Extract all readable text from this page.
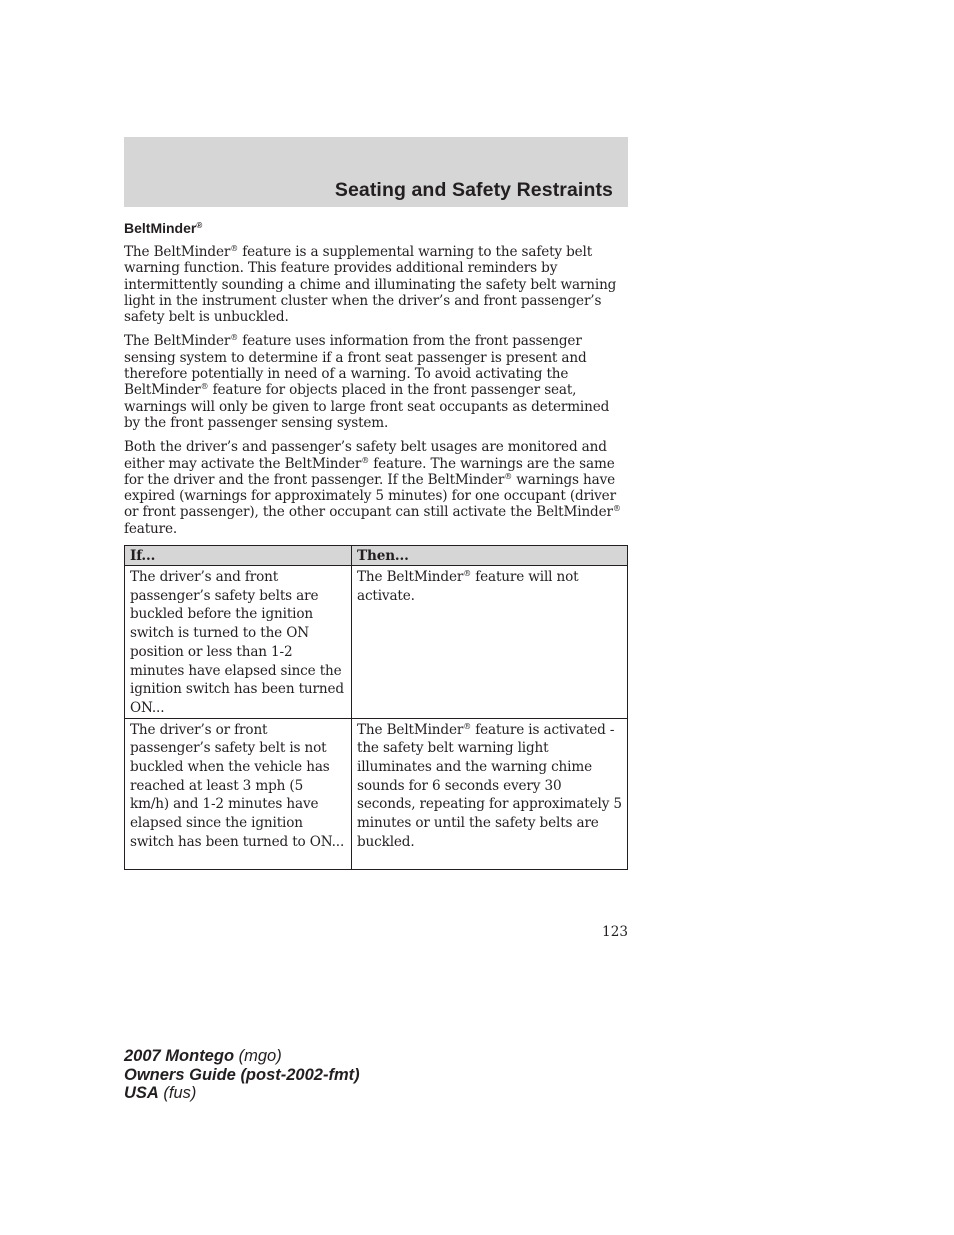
Seating and Safety Restraints
BeltMinder®

The BeltMinder® feature is a supplemental warning to the safety belt warning function. This feature provides additional reminders by intermittently sounding a chime and illuminating the safety belt warning light in the instrument cluster when the driver’s and front passenger’s safety belt is unbuckled.

The BeltMinder® feature uses information from the front passenger sensing system to determine if a front seat passenger is present and therefore potentially in need of a warning. To avoid activating the BeltMinder® feature for objects placed in the front passenger seat, warnings will only be given to large front seat occupants as determined by the front passenger sensing system.

Both the driver’s and passenger’s safety belt usages are monitored and either may activate the BeltMinder® feature. The warnings are the same for the driver and the front passenger. If the BeltMinder® warnings have expired (warnings for approximately 5 minutes) for one occupant (driver or front passenger), the other occupant can still activate the BeltMinder® feature.

If...	Then...
The driver’s and front passenger’s safety belts are buckled before the ignition switch is turned to the ON position or less than 1-2 minutes have elapsed since the ignition switch has been turned ON...	The BeltMinder® feature will not activate.
The driver’s or front passenger’s safety belt is not buckled when the vehicle has reached at least 3 mph (5 km/h) and 1-2 minutes have elapsed since the ignition switch has been turned to ON...	The BeltMinder® feature is activated - the safety belt warning light illuminates and the warning chime sounds for 6 seconds every 30 seconds, repeating for approximately 5 minutes or until the safety belts are buckled.
123
2007 Montego (mgo)
Owners Guide (post-2002-fmt)
USA (fus)
